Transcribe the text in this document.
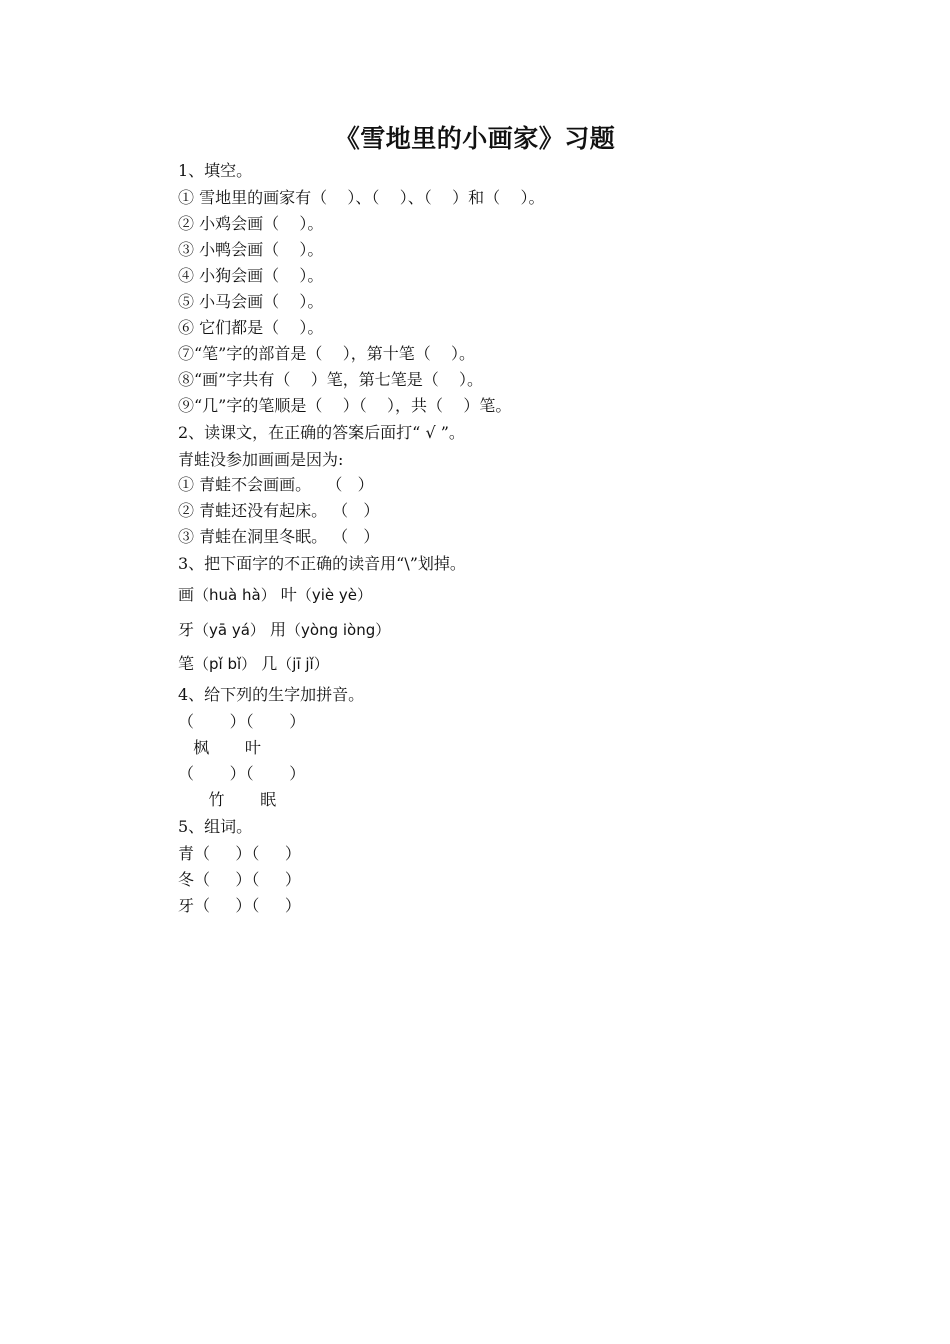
《雪地里的小画家》习题
1、填空。
① 雪地里的画家有（    ）、（    ）、（    ）和（    ）。
② 小鸡会画（    ）。
③ 小鸭会画（    ）。
④ 小狗会画（    ）。
⑤ 小马会画（    ）。
⑥ 它们都是（    ）。
⑦“笔”字的部首是（    ），第十笔（    ）。
⑧“画”字共有（    ）笔，第七笔是（    ）。
⑨“几”字的笔顺是（    ）（    ），共（    ）笔。
2、读课文，在正确的答案后面打“ √ ”。
青蛙没参加画画是因为:
① 青蛙不会画画。   （   ）
② 青蛙还没有起床。 （   ）
③ 青蛙在洞里冬眠。 （   ）
3、把下面字的不正确的读音用“\”划掉。
画（huà hà） 叶（yiè yè）
牙（yā yá） 用（yòng iòng）
笔（pǐ bǐ） 几（jī jǐ）
4、给下列的生字加拼音。
（       ）（       ）
枫       叶
（       ）（       ）
竹       眠
5、组词。
青（     ）（     ）
冬（     ）（     ）
牙（     ）（     ）
